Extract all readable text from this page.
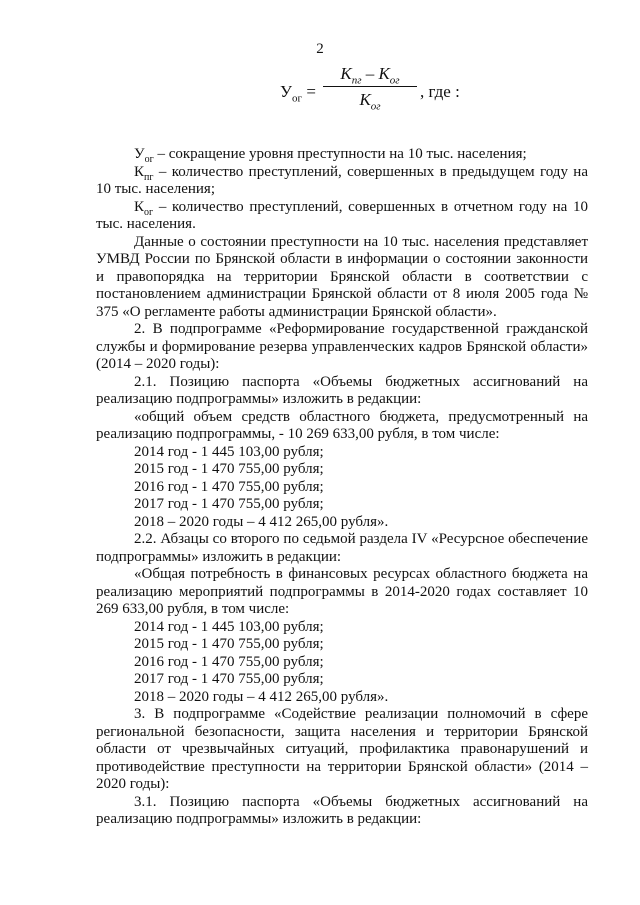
2
$У_{ог}$ =
$К_{пг} - К_{ог}$
$К_{ог}$
, где :

$У_{ог}$ – сокращение уровня преступности на 10 тыс. населения;

$К_{пг}$ – количество преступлений, совершенных в предыдущем году на 10 тыс. населения;

$К_{ог}$ – количество преступлений, совершенных в отчетном году на 10 тыс. населения.

Данные о состоянии преступности на 10 тыс. населения представляет УМВД России по Брянской области в информации о состоянии законности и правопорядка на территории Брянской области в соответствии с постановлением администрации Брянской области от 8 июля 2005 года № 375 «О регламенте работы администрации Брянской области».

2. В подпрограмме «Реформирование государственной гражданской службы и формирование резерва управленческих кадров Брянской области» (2014 – 2020 годы):

2.1. Позицию паспорта «Объемы бюджетных ассигнований на реализацию подпрограммы» изложить в редакции:

«общий объем средств областного бюджета, предусмотренный на реализацию подпрограммы, - 10 269 633,00 рубля, в том числе:

2014 год - 1 445 103,00 рубля;

2015 год - 1 470 755,00 рубля;

2016 год - 1 470 755,00 рубля;

2017 год - 1 470 755,00 рубля;

2018 – 2020 годы – 4 412 265,00 рубля».

2.2. Абзацы со второго по седьмой раздела IV «Ресурсное обеспечение подпрограммы» изложить в редакции:

«Общая потребность в финансовых ресурсах областного бюджета на реализацию мероприятий подпрограммы в 2014-2020 годах составляет 10 269 633,00 рубля, в том числе:

2014 год - 1 445 103,00 рубля;

2015 год - 1 470 755,00 рубля;

2016 год - 1 470 755,00 рубля;

2017 год - 1 470 755,00 рубля;

2018 – 2020 годы – 4 412 265,00 рубля».

3. В подпрограмме «Содействие реализации полномочий в сфере региональной безопасности, защита населения и территории Брянской области от чрезвычайных ситуаций, профилактика правонарушений и противодействие преступности на территории Брянской области» (2014 – 2020 годы):

3.1. Позицию паспорта «Объемы бюджетных ассигнований на реализацию подпрограммы» изложить в редакции:
